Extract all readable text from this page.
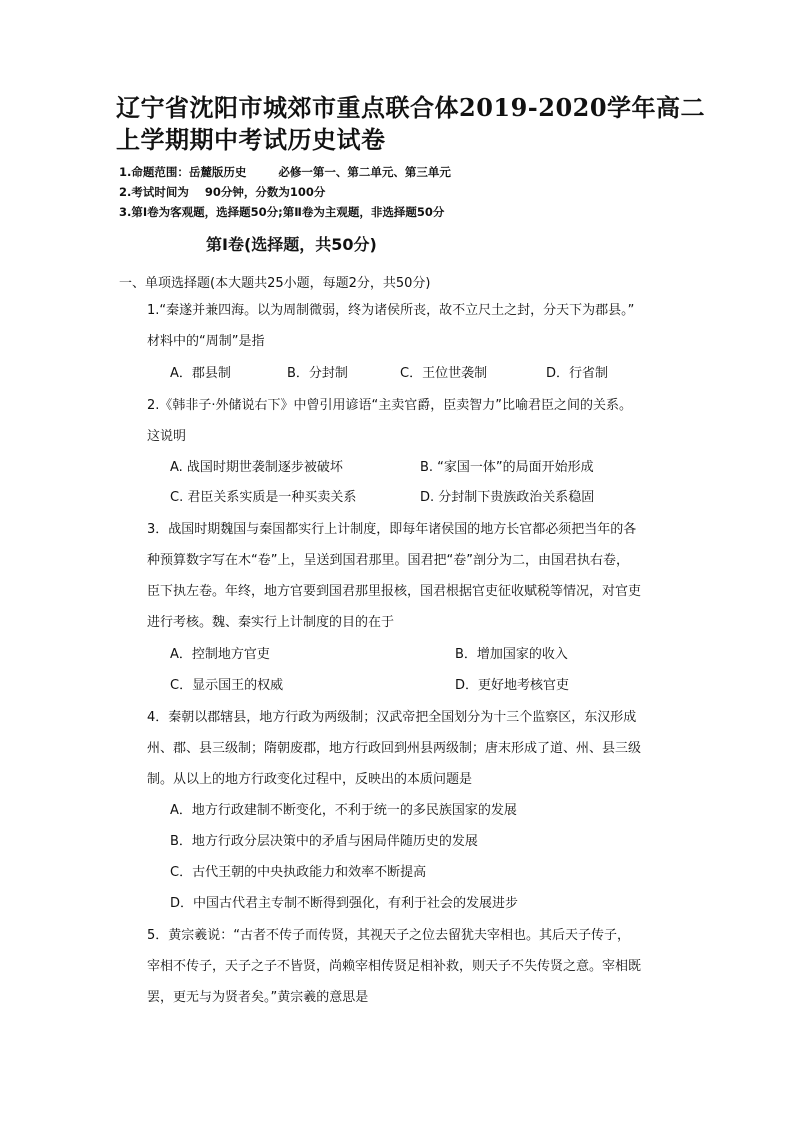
辽宁省沈阳市城郊市重点联合体2019-2020学年高二
上学期期中考试历史试卷
1.命题范围：岳麓版历史        必修一第一、第二单元、第三单元
2.考试时间为    90分钟，分数为100分
3.第Ⅰ卷为客观题，选择题50分;第Ⅱ卷为主观题，非选择题50分
第Ⅰ卷(选择题，共50分)
一、单项选择题(本大题共25小题，每题2分，共50分)
1.“秦遂并兼四海。以为周制微弱，终为诸侯所丧，故不立尺土之封，分天下为郡县。”
材料中的“周制”是指
A．郡县制	B．分封制	C．王位世袭制	D．行省制
2.《韩非子·外储说右下》中曾引用谚语“主卖官爵，臣卖智力”比喻君臣之间的关系。
这说明
A. 战国时期世袭制逐步被破坏	B. “家国一体”的局面开始形成
C. 君臣关系实质是一种买卖关系	D. 分封制下贵族政治关系稳固
3．战国时期魏国与秦国都实行上计制度，即每年诸侯国的地方长官都必须把当年的各
种预算数字写在木“卷”上，呈送到国君那里。国君把“卷”剖分为二，由国君执右卷，
臣下执左卷。年终，地方官要到国君那里报核，国君根据官吏征收赋税等情况，对官吏
进行考核。魏、秦实行上计制度的目的在于
A．控制地方官吏	B．增加国家的收入
C．显示国王的权威	D．更好地考核官吏
4．秦朝以郡辖县，地方行政为两级制；汉武帝把全国划分为十三个监察区，东汉形成
州、郡、县三级制；隋朝废郡，地方行政回到州县两级制；唐末形成了道、州、县三级
制。从以上的地方行政变化过程中，反映出的本质问题是
A．地方行政建制不断变化，不利于统一的多民族国家的发展
B．地方行政分层决策中的矛盾与困局伴随历史的发展
C．古代王朝的中央执政能力和效率不断提高
D．中国古代君主专制不断得到强化，有利于社会的发展进步
5．黄宗羲说：“古者不传子而传贤，其视天子之位去留犹夫宰相也。其后天子传子，
宰相不传子，天子之子不皆贤，尚赖宰相传贤足相补救，则天子不失传贤之意。宰相既
罢，更无与为贤者矣。”黄宗羲的意思是
